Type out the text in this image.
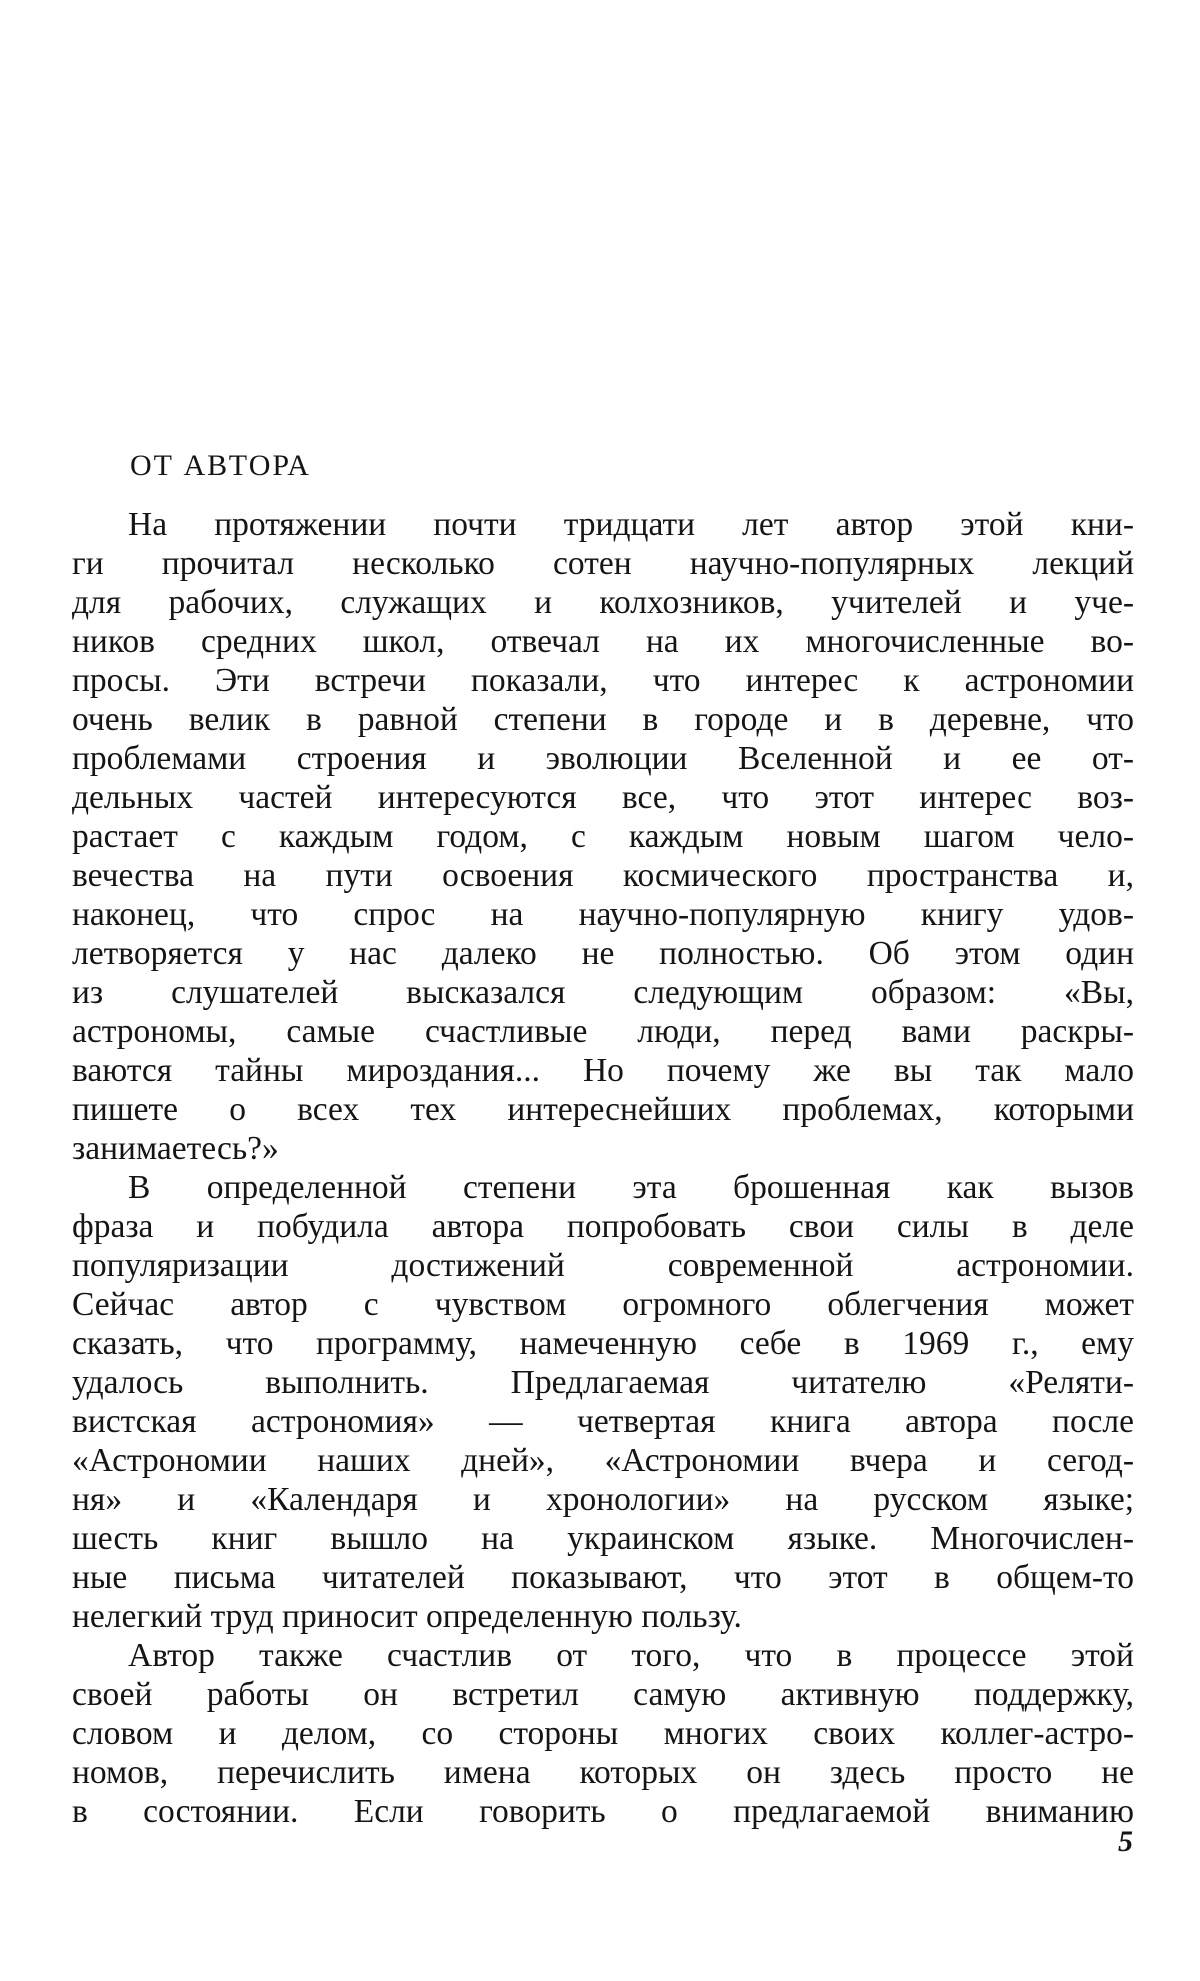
ОТ АВТОРА
На протяжении почти тридцати лет автор этой кни-
ги прочитал несколько сотен научно-популярных лекций
для рабочих, служащих и колхозников, учителей и уче-
ников средних школ, отвечал на их многочисленные во-
просы. Эти встречи показали, что интерес к астрономии
очень велик в равной степени в городе и в деревне, что
проблемами строения и эволюции Вселенной и ее от-
дельных частей интересуются все, что этот интерес воз-
растает с каждым годом, с каждым новым шагом чело-
вечества на пути освоения космического пространства и,
наконец, что спрос на научно-популярную книгу удов-
летворяется у нас далеко не полностью. Об этом один
из слушателей высказался следующим образом: «Вы,
астрономы, самые счастливые люди, перед вами раскры-
ваются тайны мироздания... Но почему же вы так мало
пишете о всех тех интереснейших проблемах, которыми
занимаетесь?»
В определенной степени эта брошенная как вызов
фраза и побудила автора попробовать свои силы в деле
популяризации достижений современной астрономии.
Сейчас автор с чувством огромного облегчения может
сказать, что программу, намеченную себе в 1969 г., ему
удалось выполнить. Предлагаемая читателю «Реляти-
вистская астрономия» — четвертая книга автора после
«Астрономии наших дней», «Астрономии вчера и сегод-
ня» и «Календаря и хронологии» на русском языке;
шесть книг вышло на украинском языке. Многочислен-
ные письма читателей показывают, что этот в общем-то
нелегкий труд приносит определенную пользу.
Автор также счастлив от того, что в процессе этой
своей работы он встретил самую активную поддержку,
словом и делом, со стороны многих своих коллег-астро-
номов, перечислить имена которых он здесь просто не
в состоянии. Если говорить о предлагаемой вниманию
5
